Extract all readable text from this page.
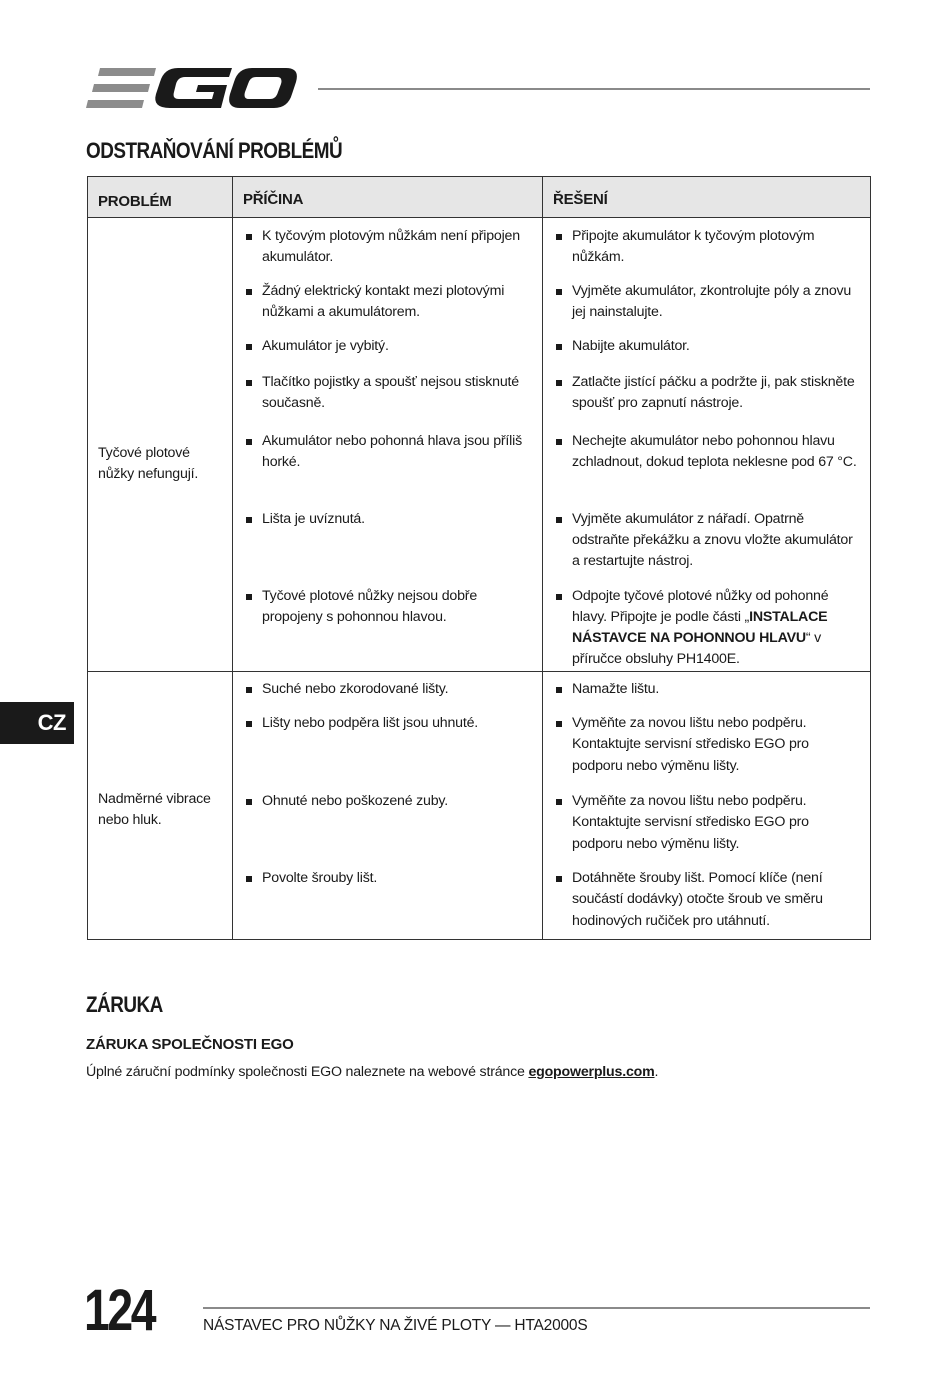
ODSTRAŇOVÁNÍ PROBLÉMŮ
PROBLÉM	PŘÍČINA	ŘEŠENÍ

Tyčové plotové nůžky nefungují.	K tyčovým plotovým nůžkám není připojen akumulátor.	Připojte akumulátor k tyčovým plotovým nůžkám.

	Žádný elektrický kontakt mezi plotovými nůžkami a akumulátorem.	Vyjměte akumulátor, zkontrolujte póly a znovu jej nainstalujte.

	Akumulátor je vybitý.	Nabijte akumulátor.

	Tlačítko pojistky a spoušť nejsou stisknuté současně.	Zatlačte jistící páčku a podržte ji, pak stiskněte spoušť pro zapnutí nástroje.

	Akumulátor nebo pohonná hlava jsou příliš horké.	Nechejte akumulátor nebo pohonnou hlavu zchladnout, dokud teplota neklesne pod 67 °C.

	Lišta je uvíznutá.	Vyjměte akumulátor z nářadí. Opatrně odstraňte překážku a znovu vložte akumulátor a restartujte nástroj.

	Tyčové plotové nůžky nejsou dobře propojeny s pohonnou hlavou.	Odpojte tyčové plotové nůžky od pohonné hlavy. Připojte je podle části „INSTALACE NÁSTAVCE NA POHONNOU HLAVU“ v příručce obsluhy PH1400E.

Nadměrné vibrace nebo hluk.	Suché nebo zkorodované lišty.	Namažte lištu.

	Lišty nebo podpěra lišt jsou uhnuté.	Vyměňte za novou lištu nebo podpěru. Kontaktujte servisní středisko EGO pro podporu nebo výměnu lišty.

	Ohnuté nebo poškozené zuby.	Vyměňte za novou lištu nebo podpěru. Kontaktujte servisní středisko EGO pro podporu nebo výměnu lišty.

	Povolte šrouby lišt.	Dotáhněte šrouby lišt. Pomocí klíče (není součástí dodávky) otočte šroub ve směru hodinových ručiček pro utáhnutí.
CZ
ZÁRUKA
ZÁRUKA SPOLEČNOSTI EGO
Úplné záruční podmínky společnosti EGO naleznete na webové stránce egopowerplus.com.
124	NÁSTAVEC PRO NŮŽKY NA ŽIVÉ PLOTY — HTA2000S
